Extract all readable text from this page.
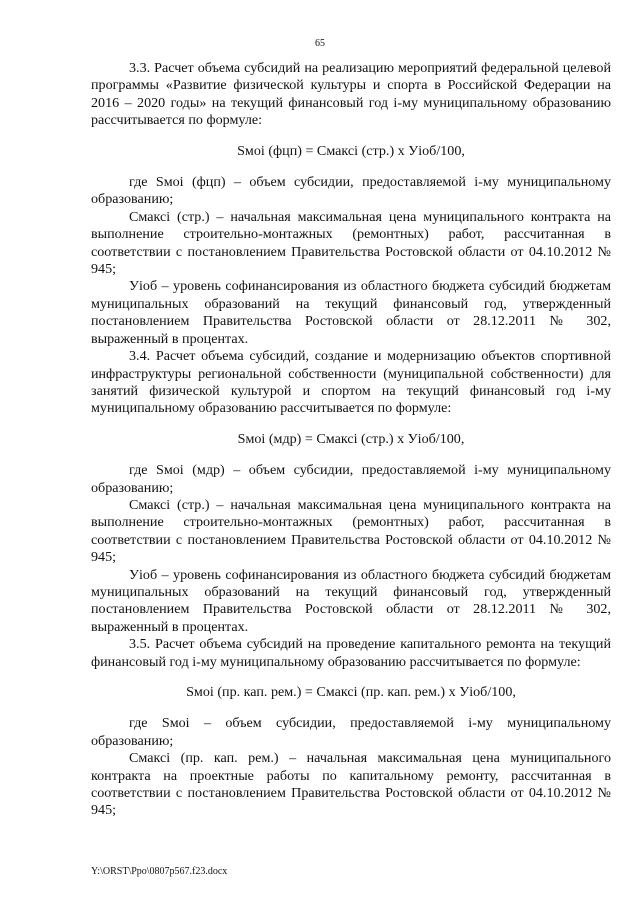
65

3.3. Расчет объема субсидий на реализацию мероприятий федеральной целевой программы «Развитие физической культуры и спорта в Российской Федерации на 2016 – 2020 годы» на текущий финансовый год i-му муниципальному образованию рассчитывается по формуле:

Sмоі (фцп) = Смаксі (стр.) х Уіоб/100,

где Sмоі (фцп) – объем субсидии, предоставляемой i-му муниципальному образованию;

Смаксі (стр.) – начальная максимальная цена муниципального контракта на выполнение строительно-монтажных (ремонтных) работ, рассчитанная в соответствии с постановлением Правительства Ростовской области от 04.10.2012 № 945;

Уіоб – уровень софинансирования из областного бюджета субсидий бюджетам муниципальных образований на текущий финансовый год, утвержденный постановлением Правительства Ростовской области от 28.12.2011 № 302, выраженный в процентах.

3.4. Расчет объема субсидий, создание и модернизацию объектов спортивной инфраструктуры региональной собственности (муниципальной собственности) для занятий физической культурой и спортом на текущий финансовый год i-му муниципальному образованию рассчитывается по формуле:

Sмоі (мдр) = Смаксі (стр.) х Уіоб/100,

где Sмоі (мдр) – объем субсидии, предоставляемой i-му муниципальному образованию;

Смаксі (стр.) – начальная максимальная цена муниципального контракта на выполнение строительно-монтажных (ремонтных) работ, рассчитанная в соответствии с постановлением Правительства Ростовской области от 04.10.2012 № 945;

Уіоб – уровень софинансирования из областного бюджета субсидий бюджетам муниципальных образований на текущий финансовый год, утвержденный постановлением Правительства Ростовской области от 28.12.2011 № 302, выраженный в процентах.

3.5. Расчет объема субсидий на проведение капитального ремонта на текущий финансовый год i-му муниципальному образованию рассчитывается по формуле:

Sмоі (пр. кап. рем.) = Смаксі (пр. кап. рем.) х Уіоб/100,

где Sмоі – объем субсидии, предоставляемой i-му муниципальному образованию;

Смаксі (пр. кап. рем.) – начальная максимальная цена муниципального контракта на проектные работы по капитальному ремонту, рассчитанная в соответствии с постановлением Правительства Ростовской области от 04.10.2012 № 945;

Y:\ORST\Ppo\0807p567.f23.docx
